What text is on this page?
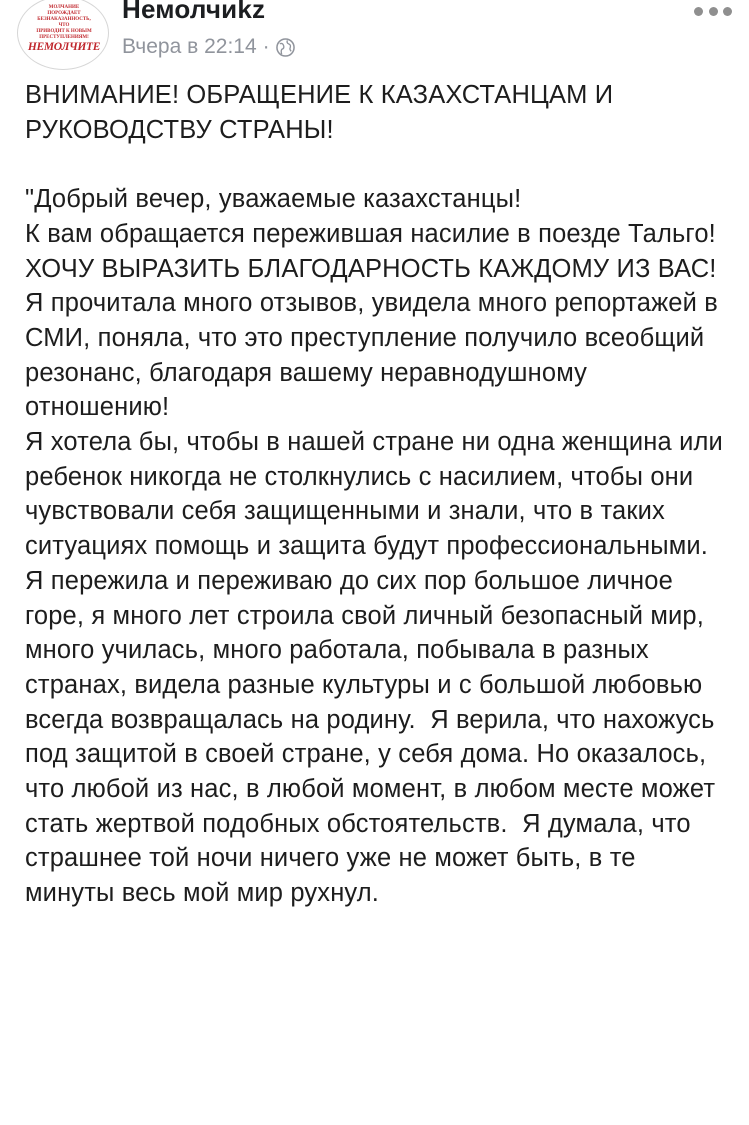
МОЛЧАНИЕ ПОРОЖДАЕТ
БЕЗНАКАЗАННОСТЬ, ЧТО
ПРИВОДИТ К НОВЫМ
ПРЕСТУПЛЕНИЯМ!
НЕМОЛЧИТЕ
Немолчиkz
Вчера в 22:14 ·

ВНИМАНИЕ! ОБРАЩЕНИЕ К КАЗАХСТАНЦАМ И РУКОВОДСТВУ СТРАНЫ!

"Добрый вечер, уважаемые казахстанцы!
К вам обращается пережившая насилие в поезде Тальго!
ХОЧУ ВЫРАЗИТЬ БЛАГОДАРНОСТЬ КАЖДОМУ ИЗ ВАС!
Я прочитала много отзывов, увидела много репортажей в СМИ, поняла, что это преступление получило всеобщий резонанс, благодаря вашему неравнодушному отношению!
Я хотела бы, чтобы в нашей стране ни одна женщина или ребенок никогда не столкнулись с насилием, чтобы они чувствовали себя защищенными и знали, что в таких ситуациях помощь и защита будут профессиональными.
Я пережила и переживаю до сих пор большое личное горе, я много лет строила свой личный безопасный мир, много училась, много работала, побывала в разных странах, видела разные культуры и с большой любовью всегда возвращалась на родину.  Я верила, что нахожусь под защитой в своей стране, у себя дома. Но оказалось, что любой из нас, в любой момент, в любом месте может стать жертвой подобных обстоятельств.  Я думала, что страшнее той ночи ничего уже не может быть, в те минуты весь мой мир рухнул.
